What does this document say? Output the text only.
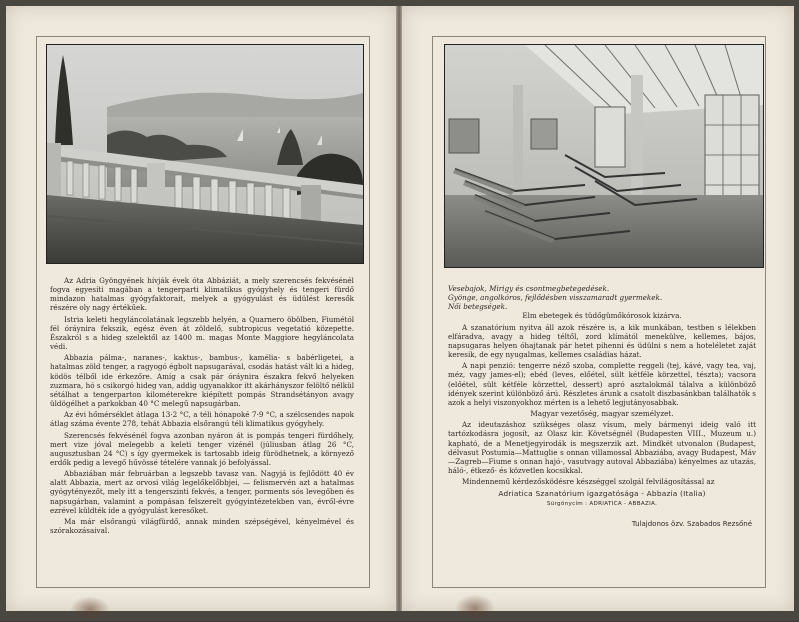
Az Adria Gyöngyének hívják évek óta Abbáziát, a mely szerencsés fekvésénél fogva egyesíti magában a tengerparti klimatikus gyógyhely és tengeri fürdő mindazon hatalmas gyógyfaktorait, melyek a gyógyulást és üdülést keresők részére oly nagy értékűek.

Istria keleti hegyláncolatának legszebb helyén, a Quarnero öbölben, Fiumétól fél óráynira fekszik, egész éven át zöldelő, subtropicus vegetatió közepette. Északról s a hideg szelektől az 1400 m. magas Monte Maggiore hegyláncolata védi.

Abbazia pálma-, naranes-, kaktus-, bambus-, kamélia- s babérligetei, a hatalmas zöld tenger, a ragyogó égbolt napsugarával, csodás hatást vált ki a hideg, ködös télből ide érkezőre. Amíg a csak pár óráynira északra fekvő helyeken zuzmara, hó s csikorgó hideg van, addig ugyanakkor itt akárhányszor felöltő nélkül sétálhat a tengerparton kilométerekre kiépített pompás Strandsétányon avagy üldögélhet a parkokban 40 °C melegű napsugárban.

Az évi hőmérséklet átlaga 13·2 °C, a téli hónapoké 7·9 °C, a szélcsendes napok átlag száma évente 278, tehát Abbazia elsőrangú téli klimatikus gyógyhely.

Szerencsés fekvésénél fogva azonban nyáron át is pompás tengeri fürdőhely, mert vize jóval melegebb a keleti tenger vizénél (júliusban átlag 26 °C, augusztusban 24 °C) s így gyermekek is tartosabb ideig fürödhetnek, a környező erdők pedig a levegő hűvössé tételére vannak jó befolyással.

Abbaziában már februárban a legszebb tavasz van. Nagyjá is fejlődött 40 év alatt Abbazia, mert az orvosi világ legelőkelőbbjei, — felismervén azt a hatalmas gyógytényezőt, mely itt a tengerszinti fekvés, a tenger, porments sós levegőben és napsugárban, valamint a pompásan felszerelt gyógyintézetekben van, évről-évre ezrével küldték ide a gyógyulást keresőket.

Ma már elsőrangú világfürdő, annak minden szépségével, kényelmével és szórakozásaival.

Vesebajok, Mirigy és csontmegbetegedések.

Gyönge, angolkóros, fejlődésben visszamaradt gyermekek.

Női betegségek.

Elm ebetegek és tüdőgümőkórosok kizárva.

A szanatórium nyitva áll azok részére is, a kik munkában, testben s lélekben elfáradva, avagy a hideg téltől, zord klímától menekülve, kellemes, bájos, napsugaras helyen óhajtanak pár hetet pihenni és üdülni s nem a hoteléletet zaját keresik, de egy nyugalmas, kellemes családias házat.

A napi penzió: tengerre néző szoba, complette reggeli (tej, kávé, vagy tea, vaj, méz, vagy james-el); ebéd (leves, előétel, sült kétféle körzettel, tészta); vacsora (előétel, sült kétféle körzettel, dessert) apró asztalokmál tálalva a különböző idények szerint különböző árú. Részletes árunk a csatolt diszbasánkban találhatók s azok a helyi viszonyokhoz mérten is a lehető legjutányosabbak.

Magyar vezetőség, magyar személyzet.

Az ideutazáshoz szükséges olasz vísum, mely bármenyi ideig való itt tartózkodásra jogosít, az Olasz kir. Követségnél (Budapesten VIII., Muzeum u.) kapható, de a Menetjegyirodák is megszerzik azt. Mindkét utvonalon (Budapest, délvasut Postumia—Mattuglie s onnan villamossal Abbaziába, avagy Budapest, Máv—Zagreb—Fiume s onnan hajó-, vasutvagy autoval Abbaziába) kényelmes az utazás, háló-, étkező- és közvetlen kocsikkal.

Mindennemű kérdezősködésre készséggel szolgál felvilágosítással az

Adriatica Szanatórium igazgatósága - Abbazia (Italia)
Sürgönycím : ADRIATICA - ABBAZIA.
Tulajdonos özv. Szabados Rezsőné
